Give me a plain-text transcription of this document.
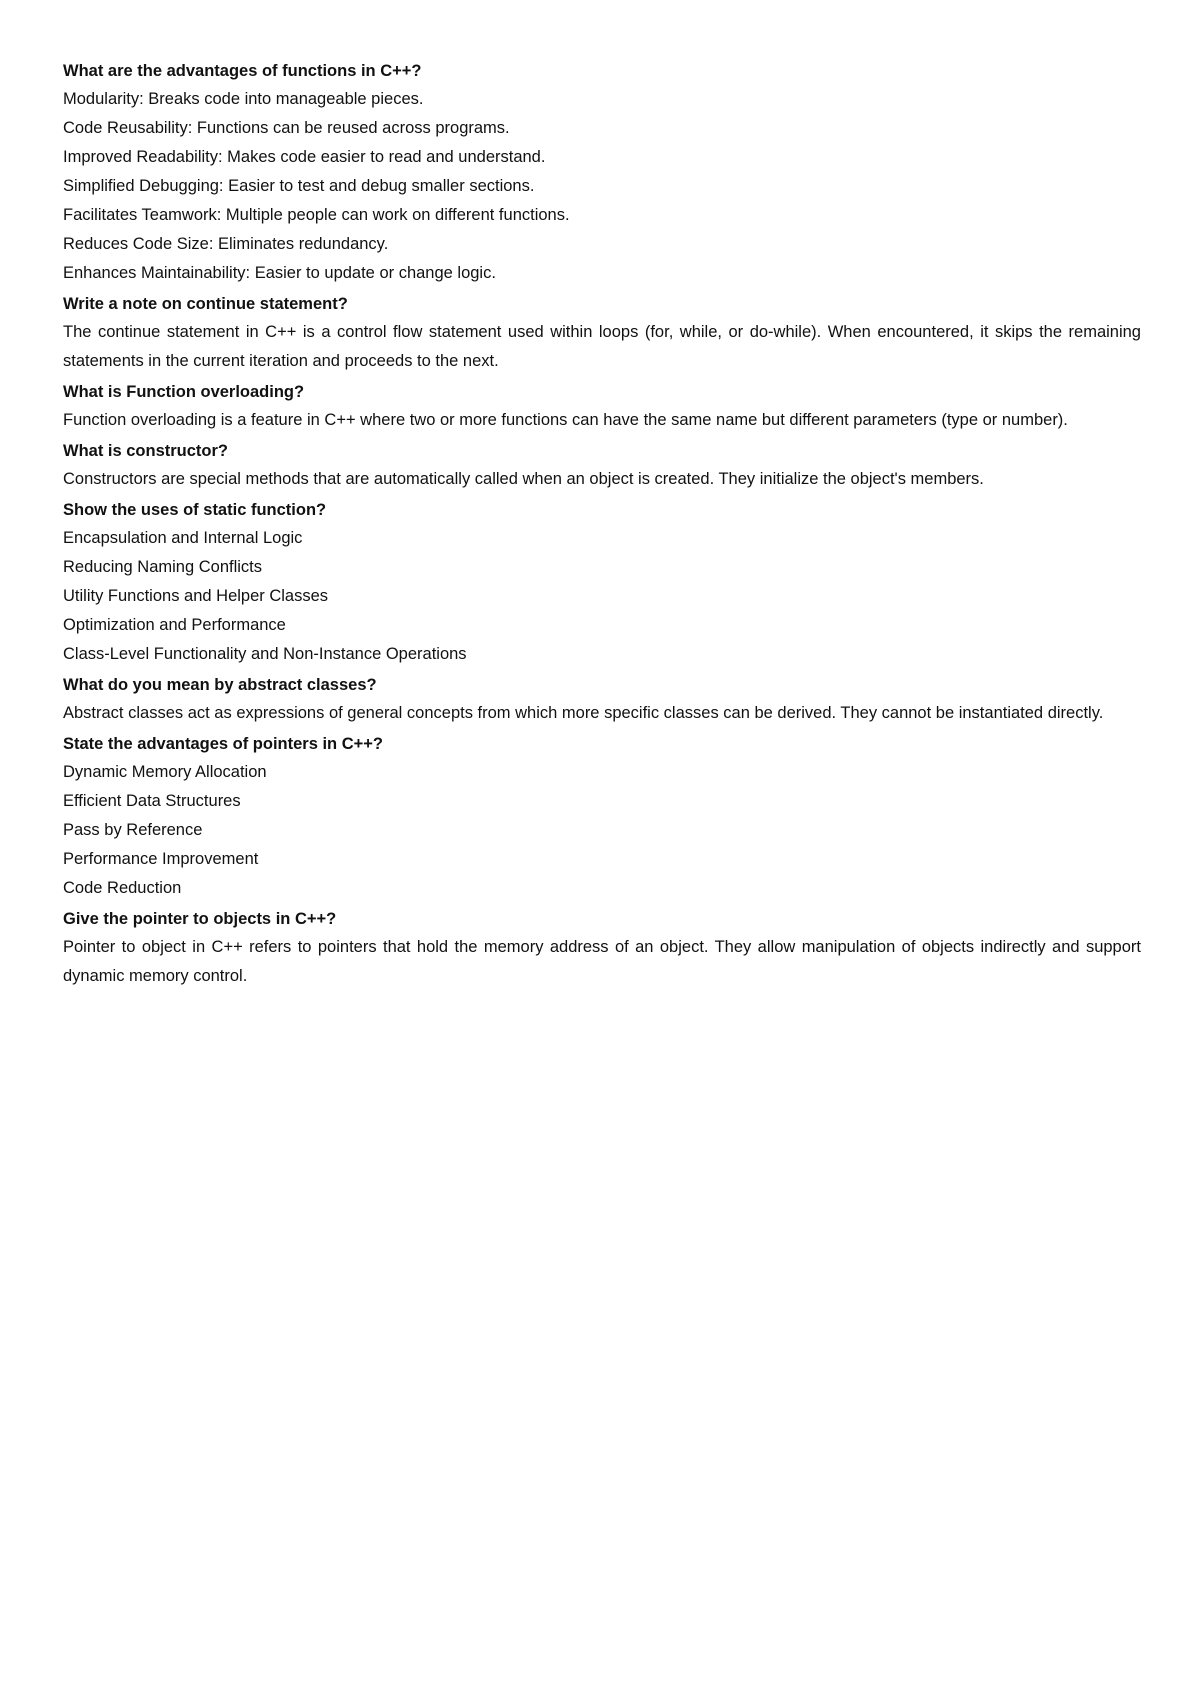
What are the advantages of functions in C++?

Modularity: Breaks code into manageable pieces.

Code Reusability: Functions can be reused across programs.

Improved Readability: Makes code easier to read and understand.

Simplified Debugging: Easier to test and debug smaller sections.

Facilitates Teamwork: Multiple people can work on different functions.

Reduces Code Size: Eliminates redundancy.

Enhances Maintainability: Easier to update or change logic.

Write a note on continue statement?

The continue statement in C++ is a control flow statement used within loops (for, while, or do-while). When encountered, it skips the remaining statements in the current iteration and proceeds to the next.

What is Function overloading?

Function overloading is a feature in C++ where two or more functions can have the same name but different parameters (type or number).

What is constructor?

Constructors are special methods that are automatically called when an object is created. They initialize the object's members.

Show the uses of static function?

Encapsulation and Internal Logic

Reducing Naming Conflicts

Utility Functions and Helper Classes

Optimization and Performance

Class-Level Functionality and Non-Instance Operations

What do you mean by abstract classes?

Abstract classes act as expressions of general concepts from which more specific classes can be derived. They cannot be instantiated directly.

State the advantages of pointers in C++?

Dynamic Memory Allocation

Efficient Data Structures

Pass by Reference

Performance Improvement

Code Reduction

Give the pointer to objects in C++?

Pointer to object in C++ refers to pointers that hold the memory address of an object. They allow manipulation of objects indirectly and support dynamic memory control.
